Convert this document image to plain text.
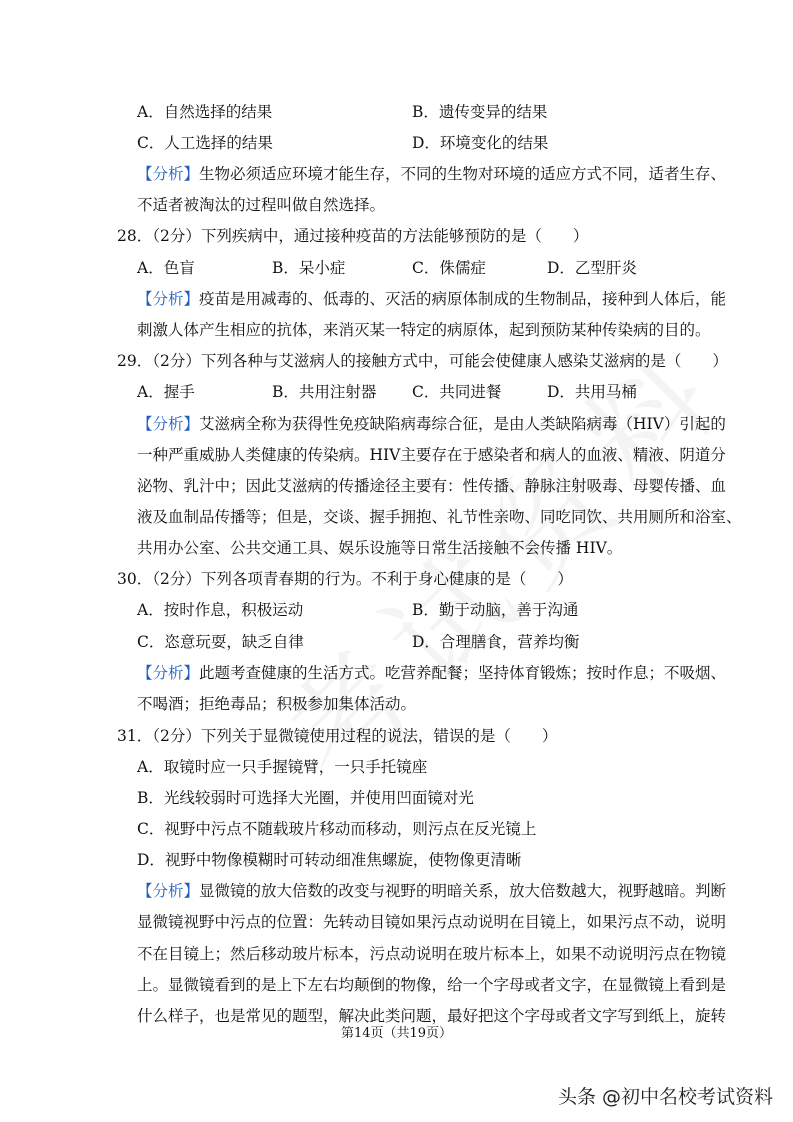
A．自然选择的结果	B．遗传变异的结果
C．人工选择的结果	D．环境变化的结果
【分析】生物必须适应环境才能生存，不同的生物对环境的适应方式不同，适者生存、
不适者被淘汰的过程叫做自然选择。
28．（2分）下列疾病中，通过接种疫苗的方法能够预防的是（　　）
A．色盲	B．呆小症	C．侏儒症	D．乙型肝炎
【分析】疫苗是用减毒的、低毒的、灭活的病原体制成的生物制品，接种到人体后，能
刺激人体产生相应的抗体，来消灭某一特定的病原体，起到预防某种传染病的目的。
29．（2分）下列各种与艾滋病人的接触方式中，可能会使健康人感染艾滋病的是（　　）
A．握手	B．共用注射器 C．共同进餐	D．共用马桶
【分析】艾滋病全称为获得性免疫缺陷病毒综合征，是由人类缺陷病毒（HIV）引起的
一种严重威胁人类健康的传染病。HIV主要存在于感染者和病人的血液、精液、阴道分
泌物、乳汁中；因此艾滋病的传播途径主要有：性传播、静脉注射吸毒、母婴传播、血
液及血制品传播等；但是，交谈、握手拥抱、礼节性亲吻、同吃同饮、共用厕所和浴室、
共用办公室、公共交通工具、娱乐设施等日常生活接触不会传播 HIV。
30．（2分）下列各项青春期的行为。不利于身心健康的是（　　）
A．按时作息，积极运动	B．勤于动脑，善于沟通
C．恣意玩耍，缺乏自律	D．合理膳食，营养均衡
【分析】此题考查健康的生活方式。吃营养配餐；坚持体育锻炼；按时作息；不吸烟、
不喝酒；拒绝毒品；积极参加集体活动。
31．（2分）下列关于显微镜使用过程的说法，错误的是（　　）
A．取镜时应一只手握镜臂，一只手托镜座
B．光线较弱时可选择大光圈，并使用凹面镜对光
C．视野中污点不随载玻片移动而移动，则污点在反光镜上
D．视野中物像模糊时可转动细准焦螺旋，使物像更清晰
【分析】显微镜的放大倍数的改变与视野的明暗关系，放大倍数越大，视野越暗。判断
显微镜视野中污点的位置：先转动目镜如果污点动说明在目镜上，如果污点不动，说明
不在目镜上；然后移动玻片标本，污点动说明在玻片标本上，如果不动说明污点在物镜
上。显微镜看到的是上下左右均颠倒的物像，给一个字母或者文字，在显微镜上看到是
什么样子，也是常见的题型，解决此类问题，最好把这个字母或者文字写到纸上，旋转
第14页（共19页）
头条 @初中名校考试资料
